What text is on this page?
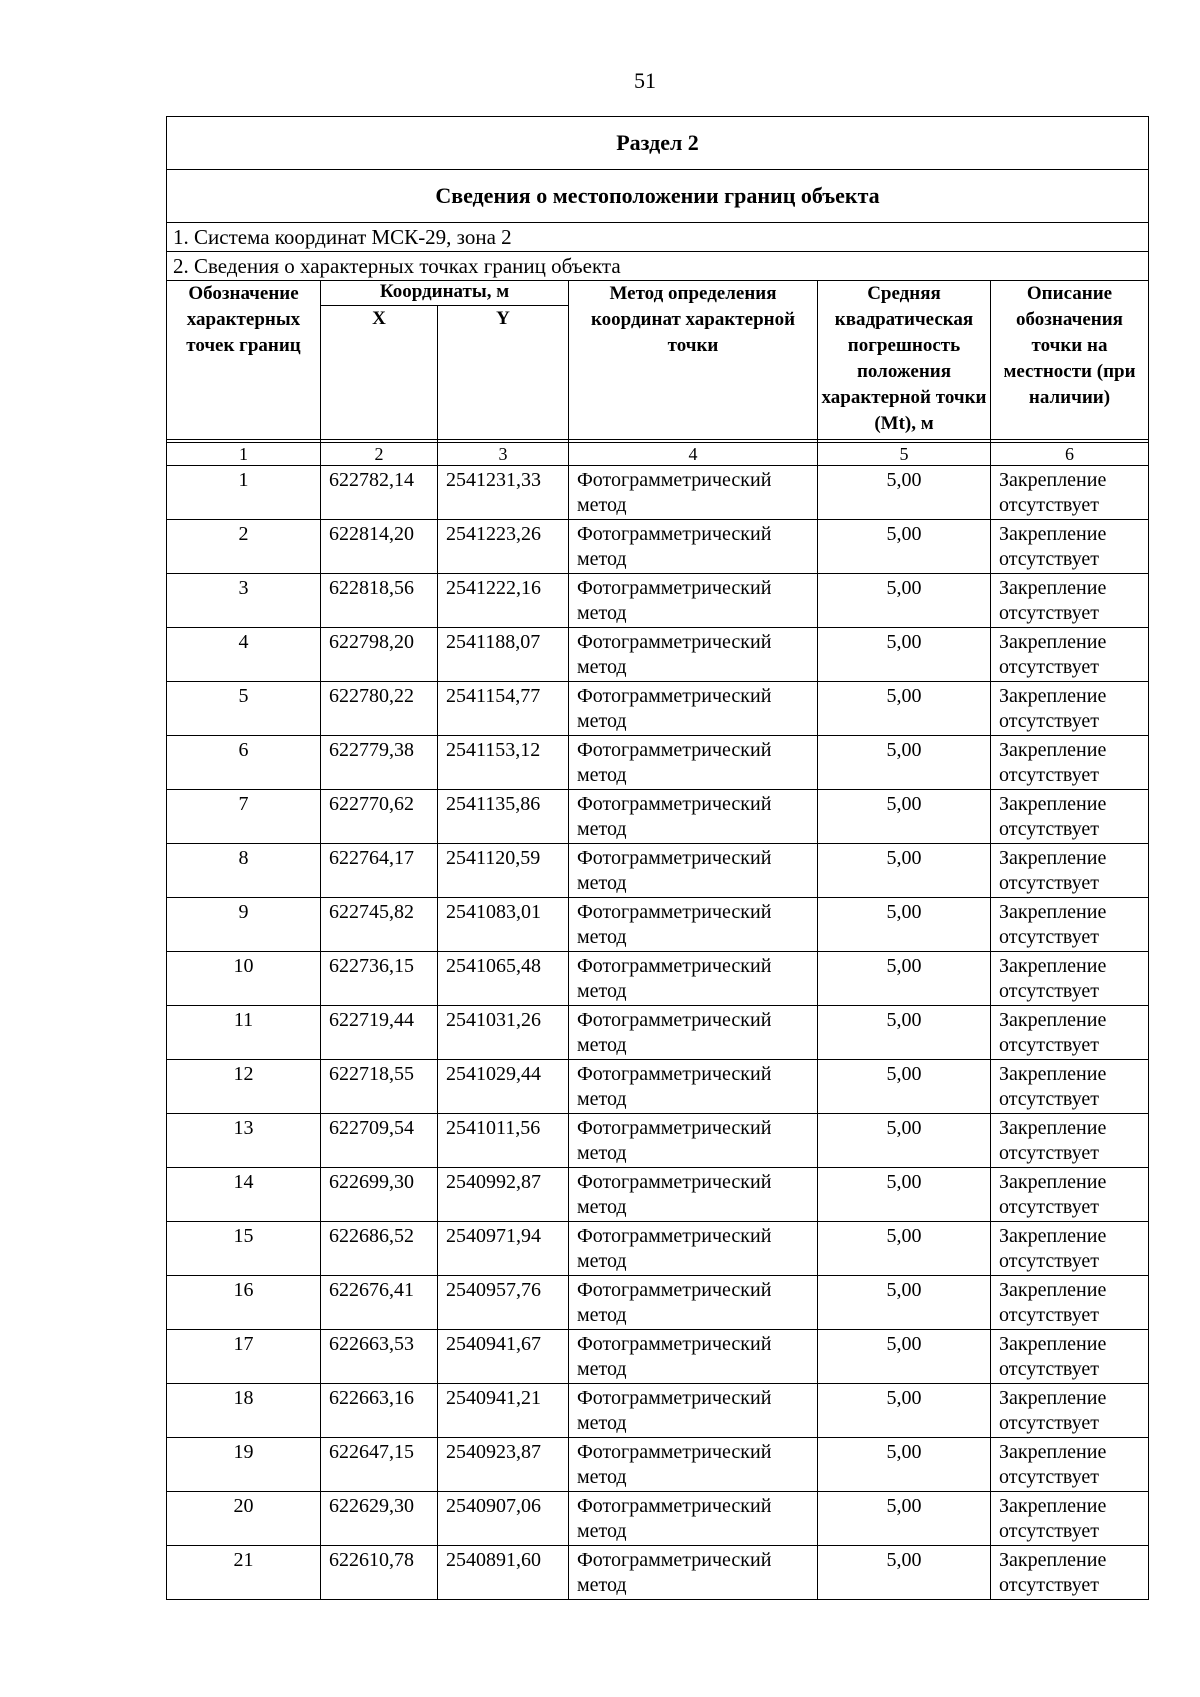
51
Раздел 2					
Сведения о местоположении границ объекта					
1. Система координат МСК-29, зона 2					
2. Сведения о характерных точках границ объекта					
Обозначение характерных точек границ	Координаты, м		Метод определения координат характерной точки	Средняя квадратическая погрешность положения характерной точки (Mt), м	Описание обозначения точки на местности (при наличии)
	X	Y			

1	2	3	4	5	6
1	622782,14	2541231,33	Фотограмметрический метод	5,00	Закрепление отсутствует
2	622814,20	2541223,26	Фотограмметрический метод	5,00	Закрепление отсутствует
3	622818,56	2541222,16	Фотограмметрический метод	5,00	Закрепление отсутствует
4	622798,20	2541188,07	Фотограмметрический метод	5,00	Закрепление отсутствует
5	622780,22	2541154,77	Фотограмметрический метод	5,00	Закрепление отсутствует
6	622779,38	2541153,12	Фотограмметрический метод	5,00	Закрепление отсутствует
7	622770,62	2541135,86	Фотограмметрический метод	5,00	Закрепление отсутствует
8	622764,17	2541120,59	Фотограмметрический метод	5,00	Закрепление отсутствует
9	622745,82	2541083,01	Фотограмметрический метод	5,00	Закрепление отсутствует
10	622736,15	2541065,48	Фотограмметрический метод	5,00	Закрепление отсутствует
11	622719,44	2541031,26	Фотограмметрический метод	5,00	Закрепление отсутствует
12	622718,55	2541029,44	Фотограмметрический метод	5,00	Закрепление отсутствует
13	622709,54	2541011,56	Фотограмметрический метод	5,00	Закрепление отсутствует
14	622699,30	2540992,87	Фотограмметрический метод	5,00	Закрепление отсутствует
15	622686,52	2540971,94	Фотограмметрический метод	5,00	Закрепление отсутствует
16	622676,41	2540957,76	Фотограмметрический метод	5,00	Закрепление отсутствует
17	622663,53	2540941,67	Фотограмметрический метод	5,00	Закрепление отсутствует
18	622663,16	2540941,21	Фотограмметрический метод	5,00	Закрепление отсутствует
19	622647,15	2540923,87	Фотограмметрический метод	5,00	Закрепление отсутствует
20	622629,30	2540907,06	Фотограмметрический метод	5,00	Закрепление отсутствует
21	622610,78	2540891,60	Фотограмметрический метод	5,00	Закрепление отсутствует
